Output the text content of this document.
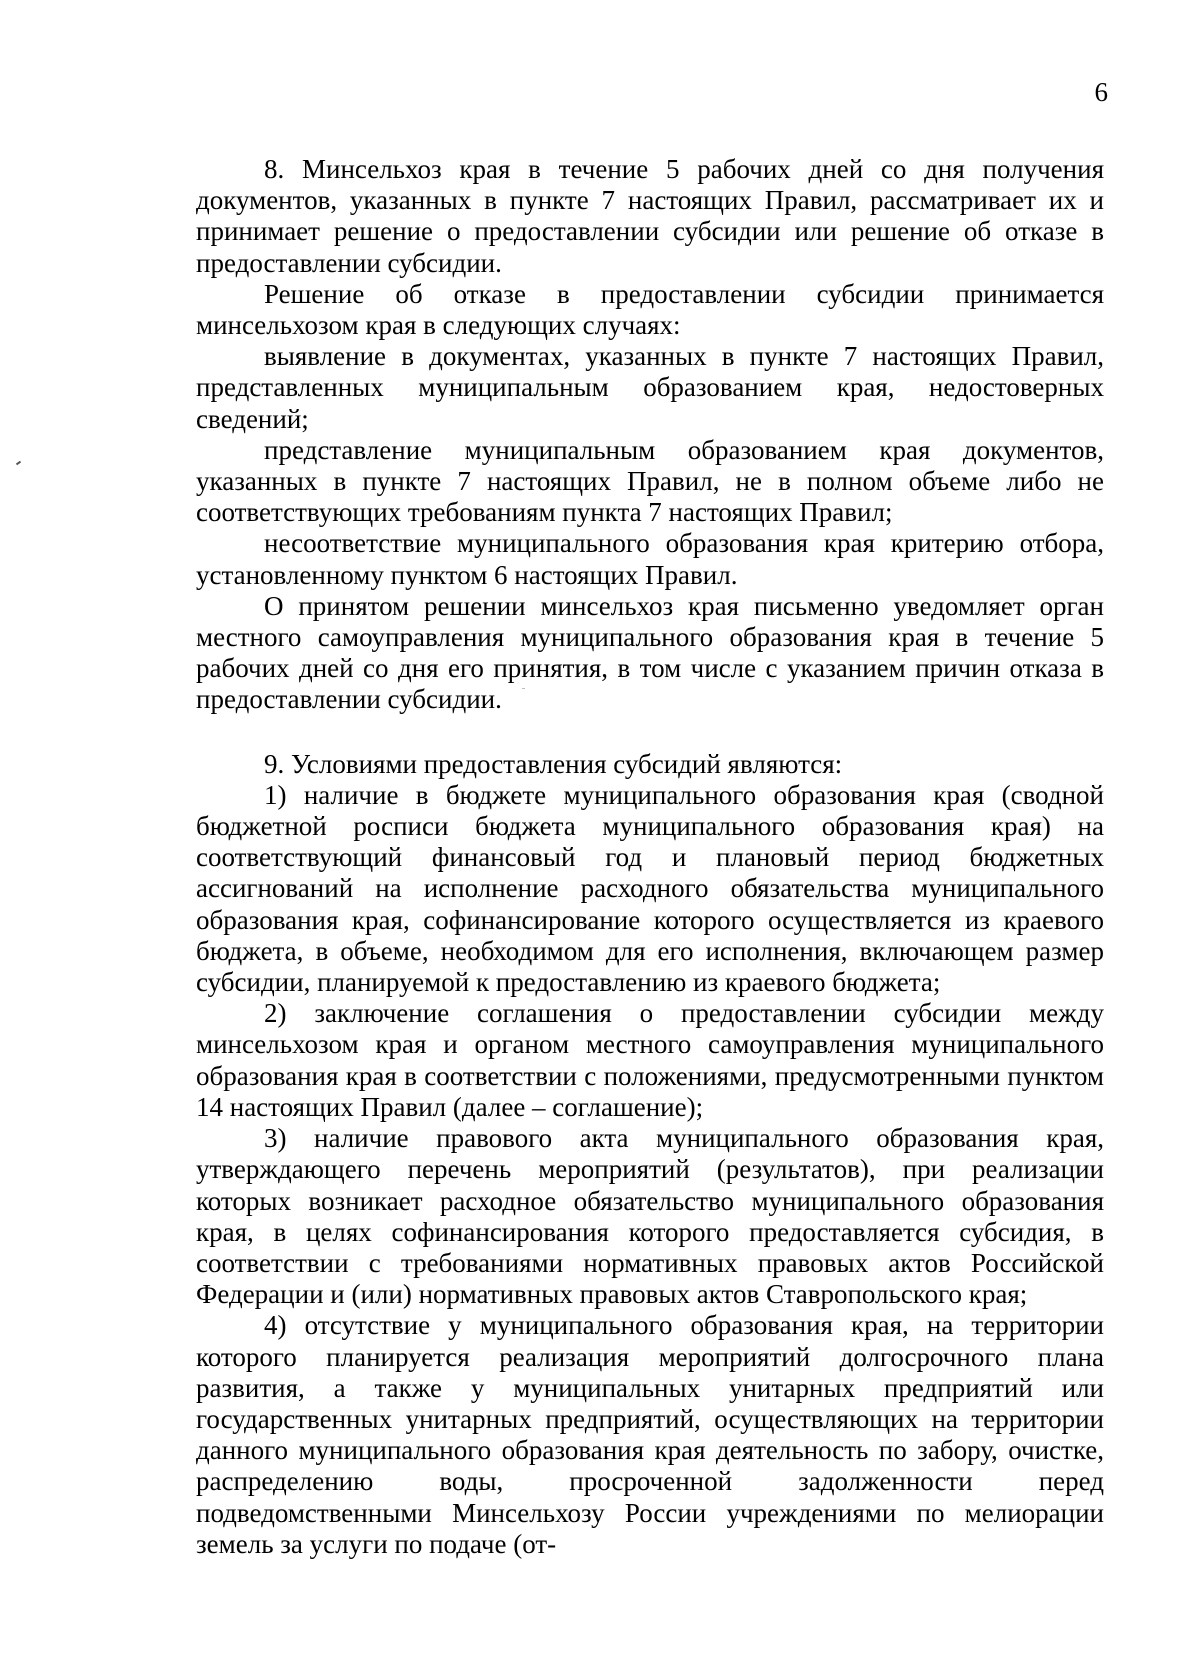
6

8. Минсельхоз края в течение 5 рабочих дней со дня получения документов, указанных в пункте 7 настоящих Правил, рассматривает их и принимает решение о предоставлении субсидии или решение об отказе в предоставлении субсидии.

Решение об отказе в предоставлении субсидии принимается минсельхозом края в следующих случаях:

выявление в документах, указанных в пункте 7 настоящих Правил, представленных муниципальным образованием края, недостоверных сведений;

представление муниципальным образованием края документов, указанных в пункте 7 настоящих Правил, не в полном объеме либо не соответствующих требованиям пункта 7 настоящих Правил;

несоответствие муниципального образования края критерию отбора, установленному пунктом 6 настоящих Правил.

О принятом решении минсельхоз края письменно уведомляет орган местного самоуправления муниципального образования края в течение 5 рабочих дней со дня его принятия, в том числе с указанием причин отказа в предоставлении субсидии.

9. Условиями предоставления субсидий являются:

1) наличие в бюджете муниципального образования края (сводной бюджетной росписи бюджета муниципального образования края) на соответствующий финансовый год и плановый период бюджетных ассигнований на исполнение расходного обязательства муниципального образования края, софинансирование которого осуществляется из краевого бюджета, в объеме, необходимом для его исполнения, включающем размер субсидии, планируемой к предоставлению из краевого бюджета;

2) заключение соглашения о предоставлении субсидии между минсельхозом края и органом местного самоуправления муниципального образования края в соответствии с положениями, предусмотренными пунктом 14 настоящих Правил (далее – соглашение);

3) наличие правового акта муниципального образования края, утверждающего перечень мероприятий (результатов), при реализации которых возникает расходное обязательство муниципального образования края, в целях софинансирования которого предоставляется субсидия, в соответствии с требованиями нормативных правовых актов Российской Федерации и (или) нормативных правовых актов Ставропольского края;

4) отсутствие у муниципального образования края, на территории которого планируется реализация мероприятий долгосрочного плана развития, а также у муниципальных унитарных предприятий или государственных унитарных предприятий, осуществляющих на территории данного муниципального образования края деятельность по забору, очистке, распределению воды, просроченной задолженности перед подведомственными Минсельхозу России учреждениями по мелиорации земель за услуги по подаче (от-
